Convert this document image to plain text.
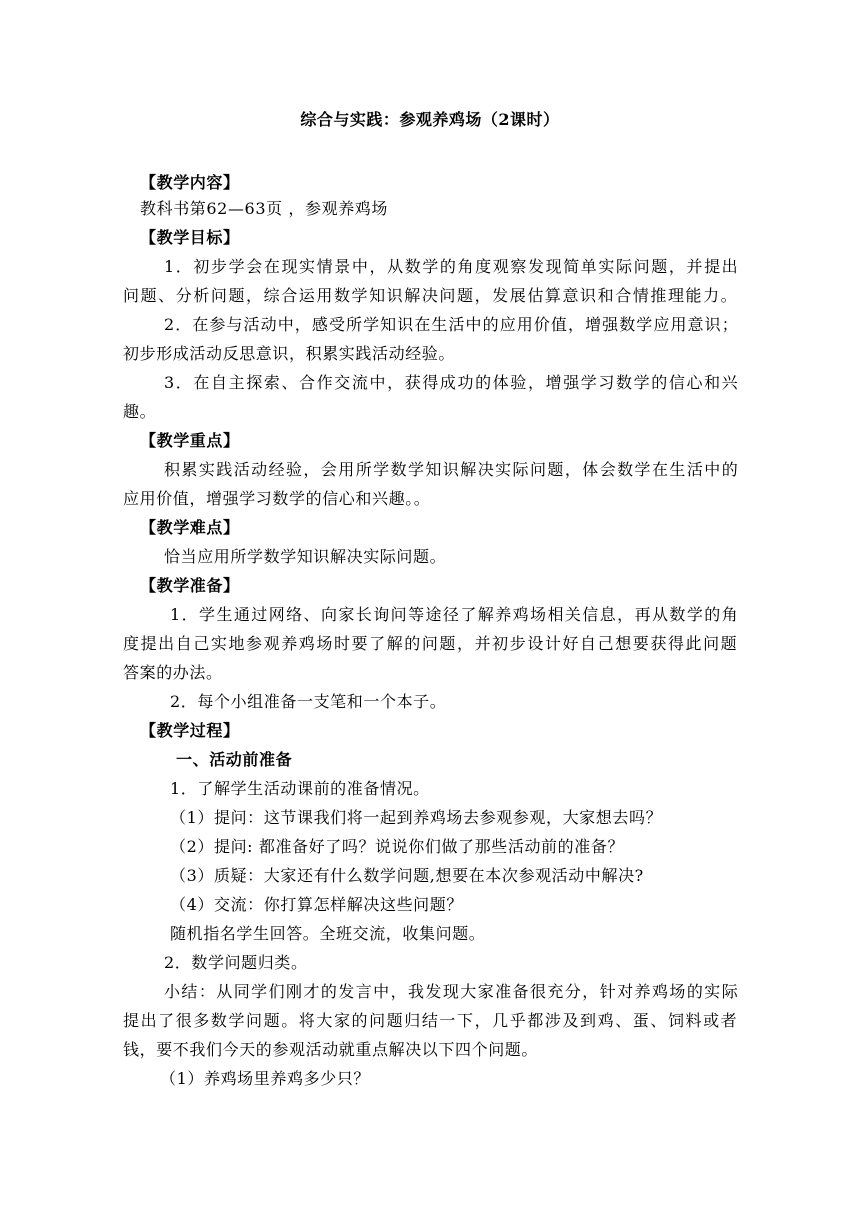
综合与实践：参观养鸡场（2课时）
【教学内容】
教科书第62—63页 ，参观养鸡场
【教学目标】
1．初步学会在现实情景中，从数学的角度观察发现简单实际问题，并提出
问题、分析问题，综合运用数学知识解决问题，发展估算意识和合情推理能力。
2．在参与活动中，感受所学知识在生活中的应用价值，增强数学应用意识；
初步形成活动反思意识，积累实践活动经验。
3．在自主探索、合作交流中，获得成功的体验，增强学习数学的信心和兴
趣。
【教学重点】
积累实践活动经验，会用所学数学知识解决实际问题，体会数学在生活中的
应用价值，增强学习数学的信心和兴趣。。
【教学难点】
恰当应用所学数学知识解决实际问题。
【教学准备】
1．学生通过网络、向家长询问等途径了解养鸡场相关信息，再从数学的角
度提出自己实地参观养鸡场时要了解的问题，并初步设计好自己想要获得此问题
答案的办法。
2．每个小组准备一支笔和一个本子。
【教学过程】
一、活动前准备
1．了解学生活动课前的准备情况。
（1）提问：这节课我们将一起到养鸡场去参观参观，大家想去吗？
（2）提问: 都准备好了吗？说说你们做了那些活动前的准备？
（3）质疑：大家还有什么数学问题,想要在本次参观活动中解决?
（4）交流：你打算怎样解决这些问题？
随机指名学生回答。全班交流，收集问题。
2．数学问题归类。
小结：从同学们刚才的发言中，我发现大家准备很充分，针对养鸡场的实际
提出了很多数学问题。将大家的问题归结一下，几乎都涉及到鸡、蛋、饲料或者
钱，要不我们今天的参观活动就重点解决以下四个问题。
（1）养鸡场里养鸡多少只？
